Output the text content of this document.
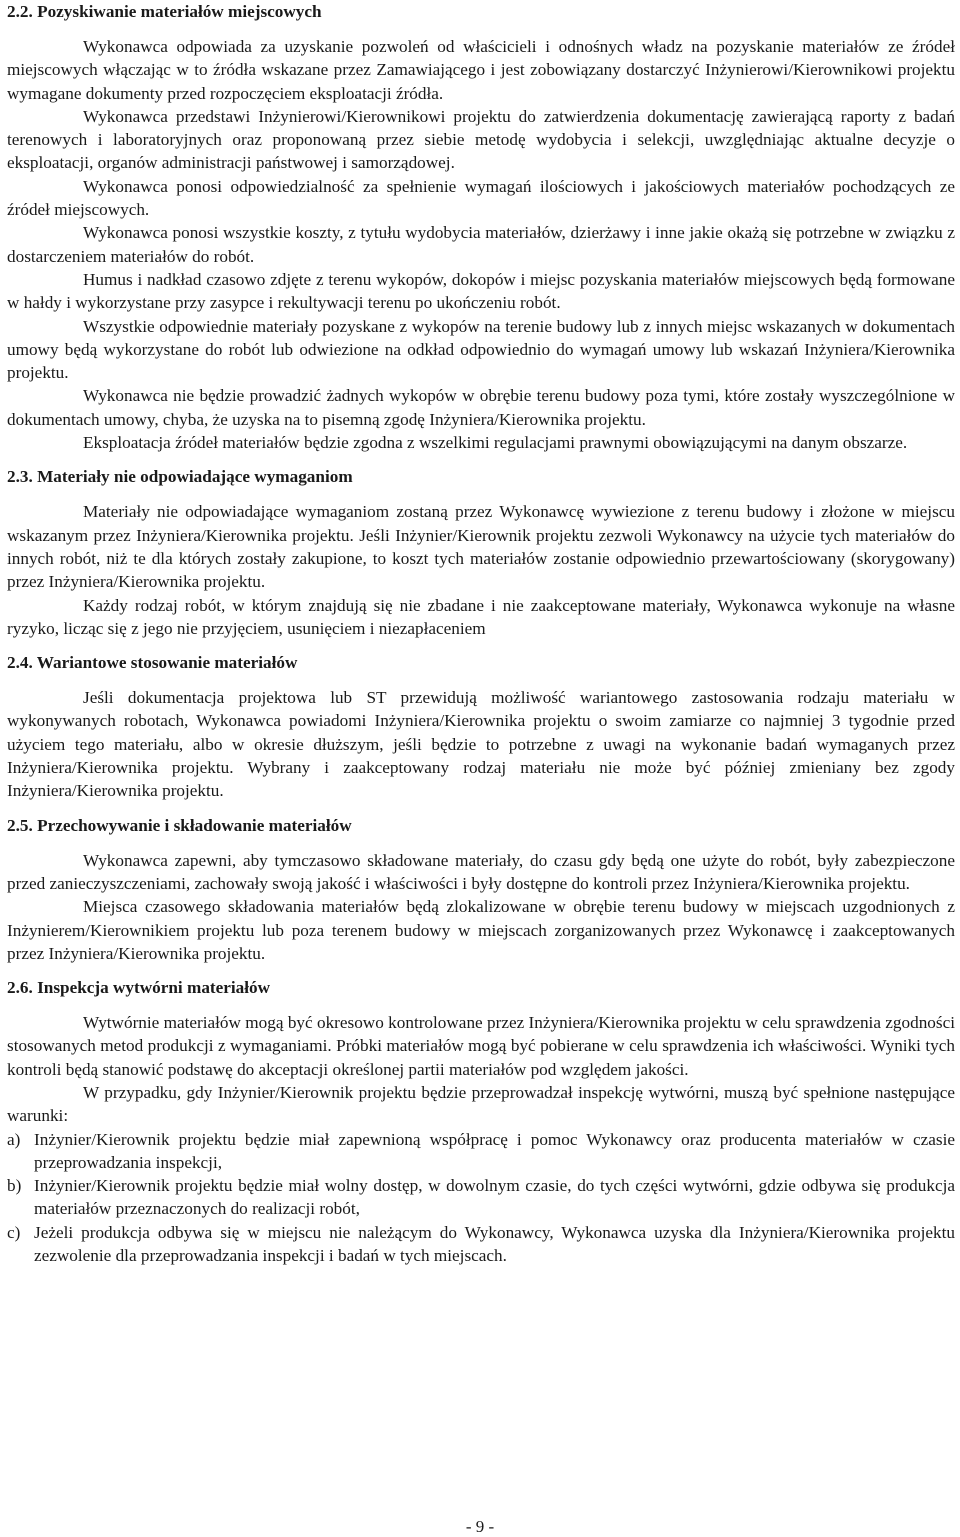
2.2. Pozyskiwanie materiałów miejscowych

Wykonawca odpowiada za uzyskanie pozwoleń od właścicieli i odnośnych władz na pozyskanie materiałów ze źródeł miejscowych włączając w to źródła wskazane przez Zamawiającego i jest zobowiązany dostarczyć Inżynierowi/Kierownikowi projektu wymagane dokumenty przed rozpoczęciem eksploatacji źródła.

Wykonawca przedstawi Inżynierowi/Kierownikowi projektu do zatwierdzenia dokumentację zawierającą raporty z badań terenowych i laboratoryjnych oraz proponowaną przez siebie metodę wydobycia i selekcji, uwzględniając aktualne decyzje o eksploatacji, organów administracji państwowej i samorządowej.

Wykonawca ponosi odpowiedzialność za spełnienie wymagań ilościowych i jakościowych materiałów pochodzących ze źródeł miejscowych.

Wykonawca ponosi wszystkie koszty, z tytułu wydobycia materiałów, dzierżawy i inne jakie okażą się potrzebne w związku z dostarczeniem materiałów do robót.

Humus i nadkład czasowo zdjęte z terenu wykopów, dokopów i miejsc pozyskania materiałów miejscowych będą formowane w hałdy i wykorzystane przy zasypce i rekultywacji terenu po ukończeniu robót.

Wszystkie odpowiednie materiały pozyskane z wykopów na terenie budowy lub z innych miejsc wskazanych w dokumentach umowy będą wykorzystane do robót lub odwiezione na odkład odpowiednio do wymagań umowy lub wskazań Inżyniera/Kierownika projektu.

Wykonawca nie będzie prowadzić żadnych wykopów w obrębie terenu budowy poza tymi, które zostały wyszczególnione w dokumentach umowy, chyba, że uzyska na to pisemną zgodę Inżyniera/Kierownika projektu.

Eksploatacja źródeł materiałów będzie zgodna z wszelkimi regulacjami prawnymi obowiązującymi na danym obszarze.

2.3. Materiały nie odpowiadające wymaganiom

Materiały nie odpowiadające wymaganiom zostaną przez Wykonawcę wywiezione z terenu budowy i złożone w miejscu wskazanym przez Inżyniera/Kierownika projektu. Jeśli Inżynier/Kierownik projektu zezwoli Wykonawcy na użycie tych materiałów do innych robót, niż te dla których zostały zakupione, to koszt tych materiałów zostanie odpowiednio przewartościowany (skorygowany) przez Inżyniera/Kierownika projektu.

Każdy rodzaj robót, w którym znajdują się nie zbadane i nie zaakceptowane materiały, Wykonawca wykonuje na własne ryzyko, licząc się z jego nie przyjęciem, usunięciem i niezapłaceniem

2.4. Wariantowe stosowanie materiałów

Jeśli dokumentacja projektowa lub ST przewidują możliwość wariantowego zastosowania rodzaju materiału w wykonywanych robotach, Wykonawca powiadomi Inżyniera/Kierownika projektu o swoim zamiarze co najmniej 3 tygodnie przed użyciem tego materiału, albo w okresie dłuższym, jeśli będzie to potrzebne z uwagi na wykonanie badań wymaganych przez Inżyniera/Kierownika projektu. Wybrany i zaakceptowany rodzaj materiału nie może być później zmieniany bez zgody Inżyniera/Kierownika projektu.

2.5. Przechowywanie i składowanie materiałów

Wykonawca zapewni, aby tymczasowo składowane materiały, do czasu gdy będą one użyte do robót, były zabezpieczone przed zanieczyszczeniami, zachowały swoją jakość i właściwości i były dostępne do kontroli przez Inżyniera/Kierownika projektu.

Miejsca czasowego składowania materiałów będą zlokalizowane w obrębie terenu budowy w miejscach uzgodnionych z Inżynierem/Kierownikiem projektu lub poza terenem budowy w miejscach zorganizowanych przez Wykonawcę i zaakceptowanych przez Inżyniera/Kierownika projektu.

2.6. Inspekcja wytwórni materiałów

Wytwórnie materiałów mogą być okresowo kontrolowane przez Inżyniera/Kierownika projektu w celu sprawdzenia zgodności stosowanych metod produkcji z wymaganiami. Próbki materiałów mogą być pobierane w celu sprawdzenia ich właściwości. Wyniki tych kontroli będą stanowić podstawę do akceptacji określonej partii materiałów pod względem jakości.

W przypadku, gdy Inżynier/Kierownik projektu będzie przeprowadzał inspekcję wytwórni, muszą być spełnione następujące warunki:

a) Inżynier/Kierownik projektu będzie miał zapewnioną współpracę i pomoc Wykonawcy oraz producenta materiałów w czasie przeprowadzania inspekcji,
b) Inżynier/Kierownik projektu będzie miał wolny dostęp, w dowolnym czasie, do tych części wytwórni, gdzie odbywa się produkcja materiałów przeznaczonych do realizacji robót,
c) Jeżeli produkcja odbywa się w miejscu nie należącym do Wykonawcy, Wykonawca uzyska dla Inżyniera/Kierownika projektu zezwolenie dla przeprowadzania inspekcji i badań w tych miejscach.
- 9 -
